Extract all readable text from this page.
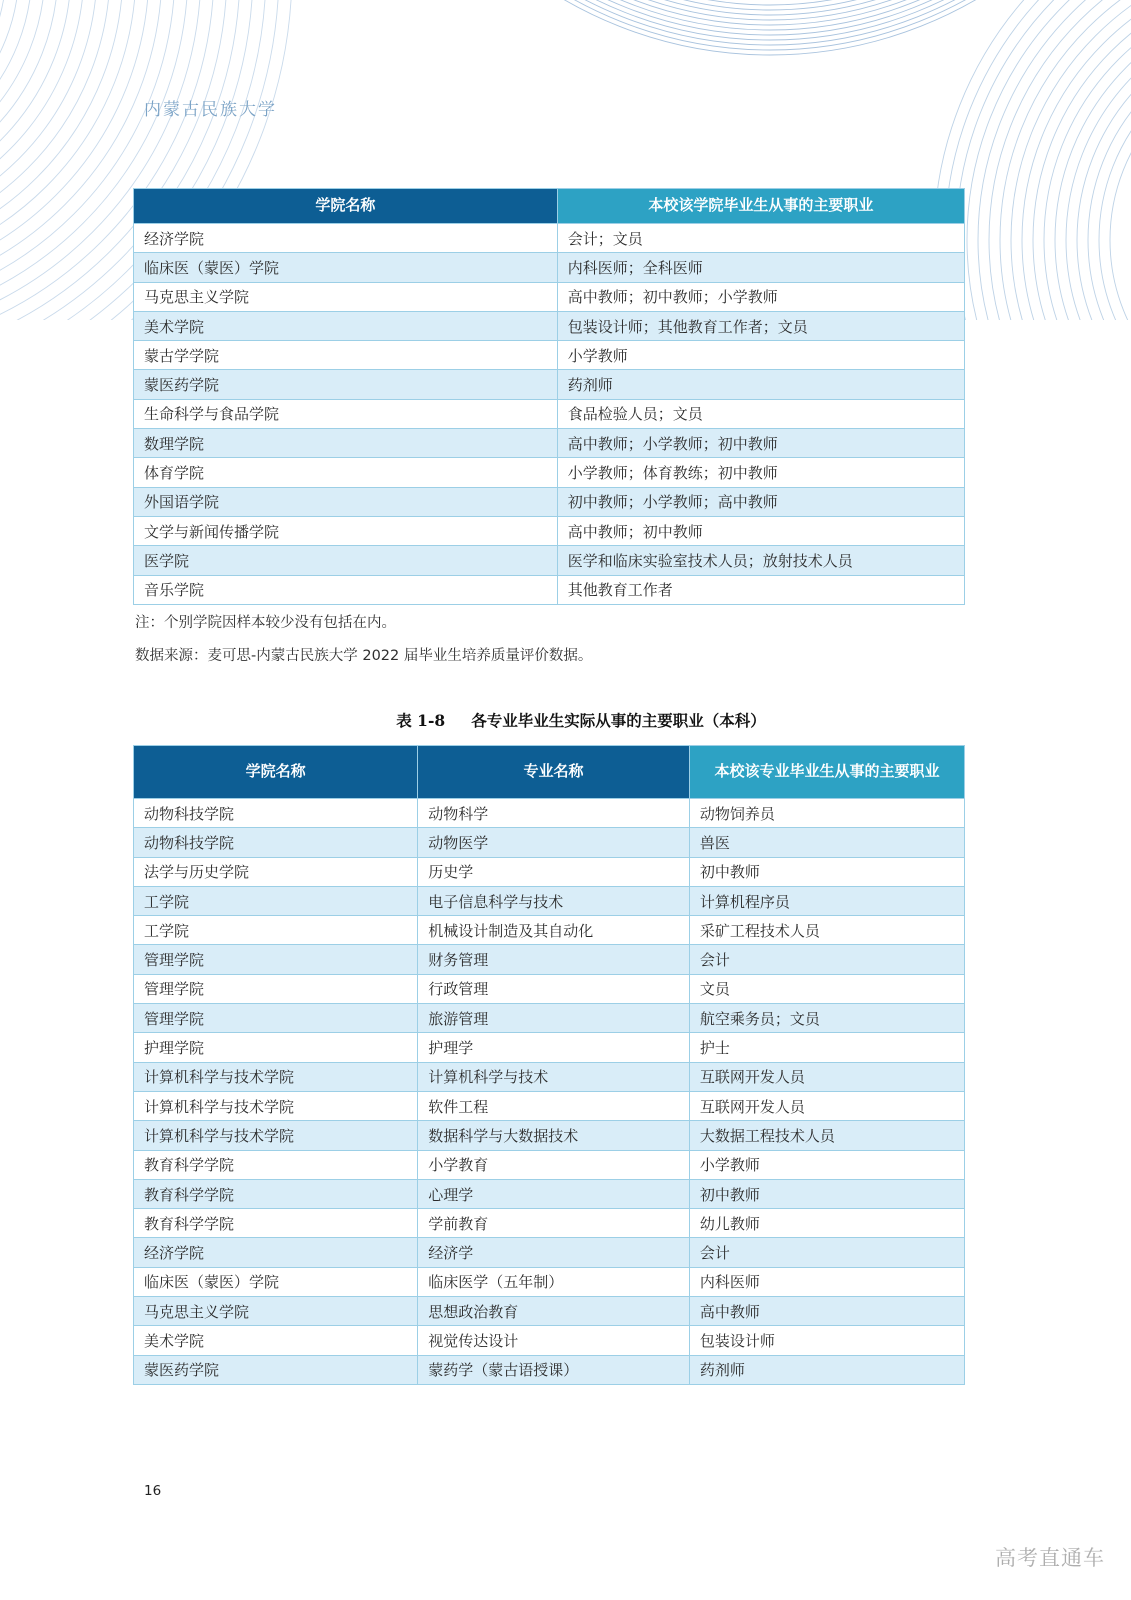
内蒙古民族大学
学院名称	本校该学院毕业生从事的主要职业
经济学院	会计；文员
临床医（蒙医）学院	内科医师；全科医师
马克思主义学院	高中教师；初中教师；小学教师
美术学院	包装设计师；其他教育工作者；文员
蒙古学学院	小学教师
蒙医药学院	药剂师
生命科学与食品学院	食品检验人员；文员
数理学院	高中教师；小学教师；初中教师
体育学院	小学教师；体育教练；初中教师
外国语学院	初中教师；小学教师；高中教师
文学与新闻传播学院	高中教师；初中教师
医学院	医学和临床实验室技术人员；放射技术人员
音乐学院	其他教育工作者
注：个别学院因样本较少没有包括在内。
数据来源：麦可思-内蒙古民族大学 2022 届毕业生培养质量评价数据。
表 1-8 各专业毕业生实际从事的主要职业（本科）
学院名称	专业名称	本校该专业毕业生从事的主要职业
动物科技学院	动物科学	动物饲养员
动物科技学院	动物医学	兽医
法学与历史学院	历史学	初中教师
工学院	电子信息科学与技术	计算机程序员
工学院	机械设计制造及其自动化	采矿工程技术人员
管理学院	财务管理	会计
管理学院	行政管理	文员
管理学院	旅游管理	航空乘务员；文员
护理学院	护理学	护士
计算机科学与技术学院	计算机科学与技术	互联网开发人员
计算机科学与技术学院	软件工程	互联网开发人员
计算机科学与技术学院	数据科学与大数据技术	大数据工程技术人员
教育科学学院	小学教育	小学教师
教育科学学院	心理学	初中教师
教育科学学院	学前教育	幼儿教师
经济学院	经济学	会计
临床医（蒙医）学院	临床医学（五年制）	内科医师
马克思主义学院	思想政治教育	高中教师
美术学院	视觉传达设计	包装设计师
蒙医药学院	蒙药学（蒙古语授课）	药剂师
16
高考直通车
